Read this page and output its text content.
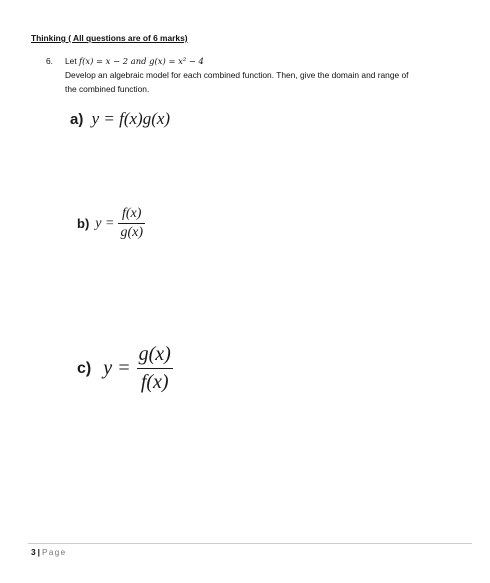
Thinking ( All questions are of 6 marks)

6. Let f(x) = x − 2 and g(x) = x² − 4
Develop an algebraic model for each combined function. Then, give the domain and range of
the combined function.
a) y = f(x)g(x)
b) $y = \frac{f(x)}{g(x)}$
c) $y = \frac{g(x)}{f(x)}$
3 | Page
